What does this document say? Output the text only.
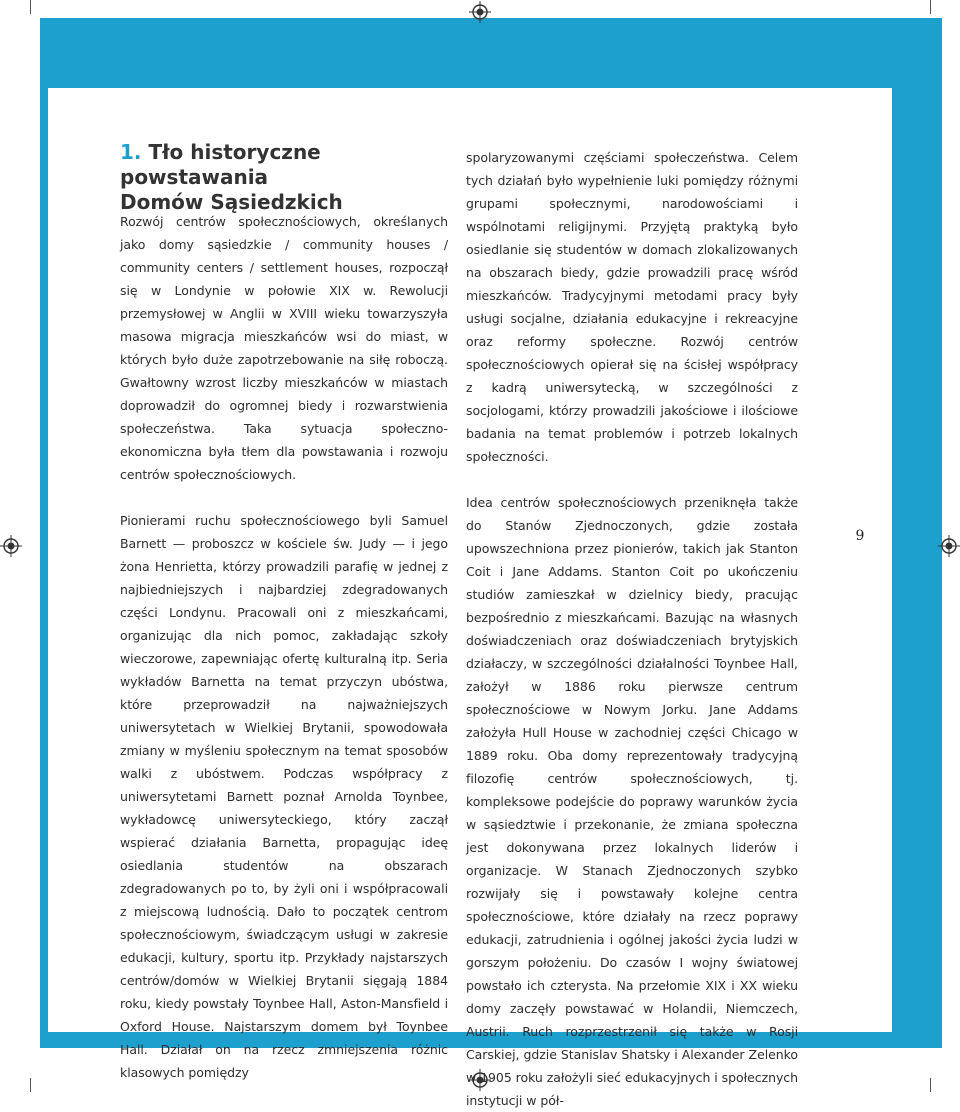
1. Tło historyczne powstawania
Domów Sąsiedzkich

Rozwój centrów społecznościowych, określanych jako domy sąsiedzkie / community houses / community centers / settlement houses, rozpoczął się w Londynie w połowie XIX w. Rewolucji przemysłowej w Anglii w XVIII wieku towarzyszyła masowa migracja mieszkańców wsi do miast, w których było duże zapotrzebowanie na siłę roboczą. Gwałtowny wzrost liczby mieszkańców w miastach doprowadził do ogromnej biedy i rozwarstwienia społeczeństwa. Taka sytuacja społeczno-ekonomiczna była tłem dla powstawania i rozwoju centrów społecznościowych.

Pionierami ruchu społecznościowego byli Samuel Barnett — proboszcz w kościele św. Judy — i jego żona Henrietta, którzy prowadzili parafię w jednej z najbiedniejszych i najbardziej zdegradowanych części Londynu. Pracowali oni z mieszkańcami, organizując dla nich pomoc, zakładając szkoły wieczorowe, zapewniając ofertę kulturalną itp. Seria wykładów Barnetta na temat przyczyn ubóstwa, które przeprowadził na najważniejszych uniwersytetach w Wielkiej Brytanii, spowodowała zmiany w myśleniu społecznym na temat sposobów walki z ubóstwem. Podczas współpracy z uniwersytetami Barnett poznał Arnolda Toynbee, wykładowcę uniwersyteckiego, który zaczął wspierać działania Barnetta, propagując ideę osiedlania studentów na obszarach zdegradowanych po to, by żyli oni i współpracowali z miejscową ludnością. Dało to początek centrom społecznościowym, świadczącym usługi w zakresie edukacji, kultury, sportu itp. Przykłady najstarszych centrów/domów w Wielkiej Brytanii sięgają 1884 roku, kiedy powstały Toynbee Hall, Aston-Mansfield i Oxford House. Najstarszym domem był Toynbee Hall. Działał on na rzecz zmniejszenia różnic klasowych pomiędzy

spolaryzowanymi częściami społeczeństwa. Celem tych działań było wypełnienie luki pomiędzy różnymi grupami społecznymi, narodowościami i wspólnotami religijnymi. Przyjętą praktyką było osiedlanie się studentów w domach zlokalizowanych na obszarach biedy, gdzie prowadzili pracę wśród mieszkańców. Tradycyjnymi metodami pracy były usługi socjalne, działania edukacyjne i rekreacyjne oraz reformy społeczne. Rozwój centrów społecznościowych opierał się na ścisłej współpracy z kadrą uniwersytecką, w szczególności z socjologami, którzy prowadzili jakościowe i ilościowe badania na temat problemów i potrzeb lokalnych społeczności.

Idea centrów społecznościowych przeniknęła także do Stanów Zjednoczonych, gdzie została upowszechniona przez pionierów, takich jak Stanton Coit i Jane Addams. Stanton Coit po ukończeniu studiów zamieszkał w dzielnicy biedy, pracując bezpośrednio z mieszkańcami. Bazując na własnych doświadczeniach oraz doświadczeniach brytyjskich działaczy, w szczególności działalności Toynbee Hall, założył w 1886 roku pierwsze centrum społecznościowe w Nowym Jorku. Jane Addams założyła Hull House w zachodniej części Chicago w 1889 roku. Oba domy reprezentowały tradycyjną filozofię centrów społecznościowych, tj. kompleksowe podejście do poprawy warunków życia w sąsiedztwie i przekonanie, że zmiana społeczna jest dokonywana przez lokalnych liderów i organizacje. W Stanach Zjednoczonych szybko rozwijały się i powstawały kolejne centra społecznościowe, które działały na rzecz poprawy edukacji, zatrudnienia i ogólnej jakości życia ludzi w gorszym położeniu. Do czasów I wojny światowej powstało ich czterysta. Na przełomie XIX i XX wieku domy zaczęły powstawać w Holandii, Niemczech, Austrii. Ruch rozprzestrzenił się także w Rosji Carskiej, gdzie Stanislav Shatsky i Alexander Zelenko w 1905 roku założyli sieć edukacyjnych i społecznych instytucji w pół-

9
